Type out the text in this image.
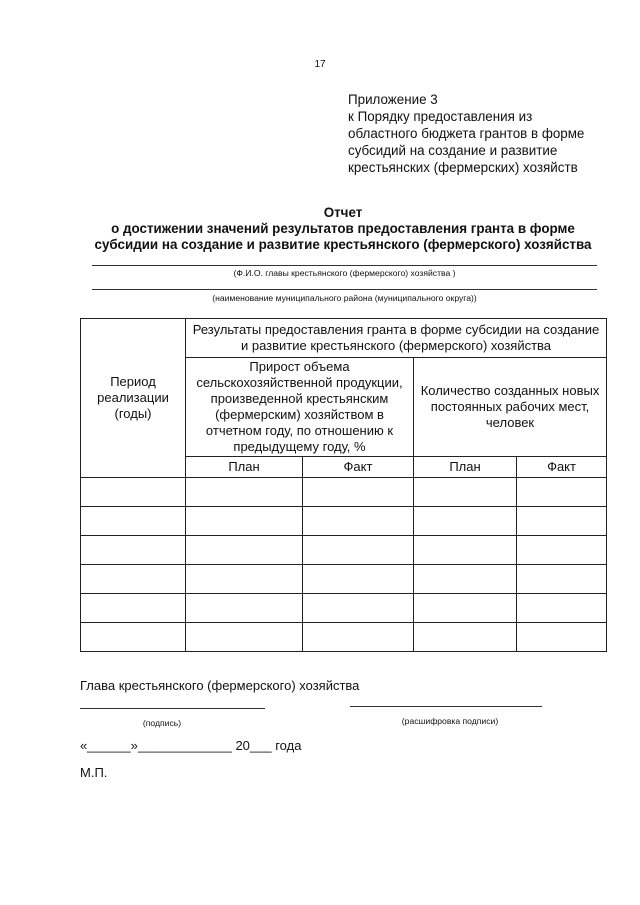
17
Приложение 3
к Порядку предоставления из
областного бюджета грантов в форме
субсидий на создание и развитие
крестьянских (фермерских) хозяйств
Отчет
о достижении значений результатов предоставления гранта в форме
субсидии на создание и развитие крестьянского (фермерского) хозяйства
(Ф.И.О. главы крестьянского (фермерского) хозяйства )
(наименование муниципального района (муниципального округа))
Период реализации (годы)	Результаты предоставления гранта в форме субсидии на создание и развитие крестьянского (фермерского) хозяйства			
	Прирост объема сельскохозяйственной продукции, произведенной крестьянским (фермерским) хозяйством в отчетном году, по отношению к предыдущему году, %		Количество созданных новых постоянных рабочих мест, человек	
	План	Факт	План	Факт

Глава крестьянского (фермерского) хозяйства
(подпись)	(расшифровка подписи)
«______»_____________ 20___ года
М.П.
